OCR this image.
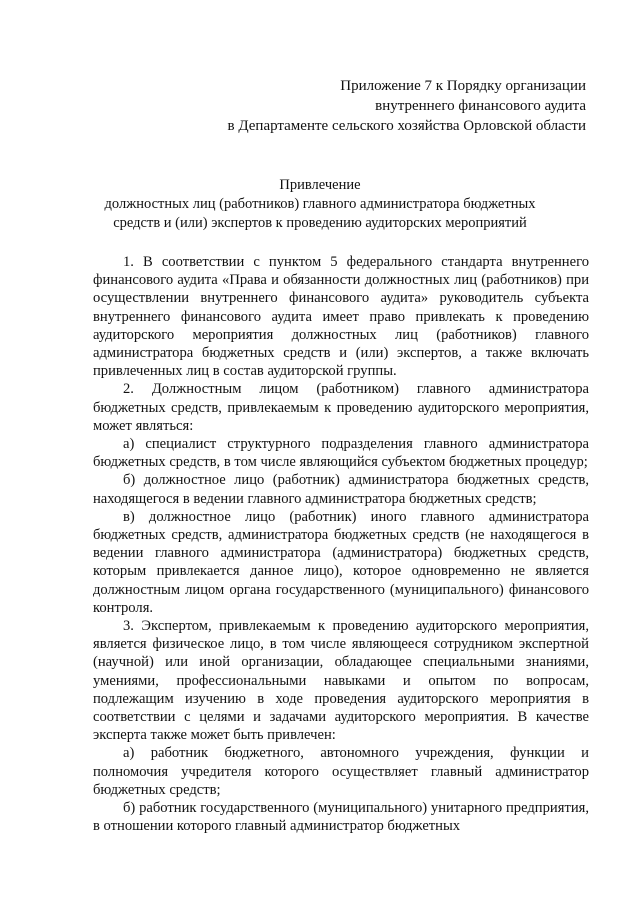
Приложение 7 к Порядку организации
внутреннего финансового аудита
в Департаменте сельского хозяйства Орловской области
Привлечение
должностных лиц (работников) главного администратора бюджетных
средств и (или) экспертов к проведению аудиторских мероприятий

1. В соответствии с пунктом 5 федерального стандарта внутреннего финансового аудита «Права и обязанности должностных лиц (работников) при осуществлении внутреннего финансового аудита» руководитель субъекта внутреннего финансового аудита имеет право привлекать к проведению аудиторского мероприятия должностных лиц (работников) главного администратора бюджетных средств и (или) экспертов, а также включать привлеченных лиц в состав аудиторской группы.

2. Должностным лицом (работником) главного администратора бюджетных средств, привлекаемым к проведению аудиторского мероприятия, может являться:

а) специалист структурного подразделения главного администратора бюджетных средств, в том числе являющийся субъектом бюджетных процедур;

б) должностное лицо (работник) администратора бюджетных средств, находящегося в ведении главного администратора бюджетных средств;

в) должностное лицо (работник) иного главного администратора бюджетных средств, администратора бюджетных средств (не находящегося в ведении главного администратора (администратора) бюджетных средств, которым привлекается данное лицо), которое одновременно не является должностным лицом органа государственного (муниципального) финансового контроля.

3. Экспертом, привлекаемым к проведению аудиторского мероприятия, является физическое лицо, в том числе являющееся сотрудником экспертной (научной) или иной организации, обладающее специальными знаниями, умениями, профессиональными навыками и опытом по вопросам, подлежащим изучению в ходе проведения аудиторского мероприятия в соответствии с целями и задачами аудиторского мероприятия. В качестве эксперта также может быть привлечен:

а) работник бюджетного, автономного учреждения, функции и полномочия учредителя которого осуществляет главный администратор бюджетных средств;

б) работник государственного (муниципального) унитарного предприятия, в отношении которого главный администратор бюджетных
